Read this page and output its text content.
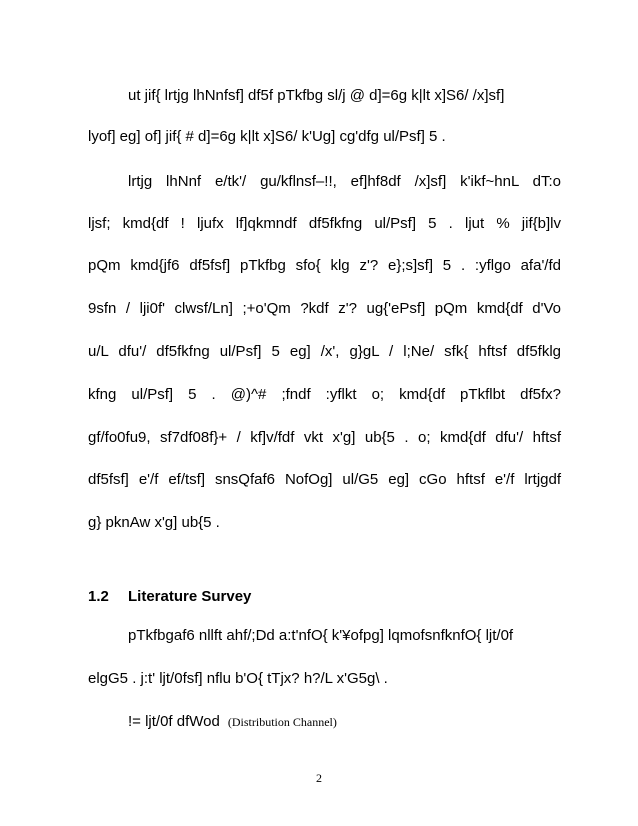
ut jif{ lrtjg lhNnfsf] df5f pTkfbg sl/j @ d]=6g k|lt x]S6/ /x]sf]
lyof] eg] of] jif{ # d]=6g k|lt x]S6/ k'Ug] cg'dfg ul/Psf] 5 .
lrtjg lhNnf e/tk'/ gu/kflnsf–!!, ef]hf8df /x]sf] k'ikf~hnL dT:o
ljsf; kmd{df ! ljufx lf]qkmndf df5fkfng ul/Psf] 5 . ljut % jif{b]lv
pQm kmd{jf6 df5fsf] pTkfbg sfo{ klg z'? e};s]sf] 5 . :yflgo afa'/fd
9sfn / lji0f' clwsf/Ln] ;+o'Qm ?kdf z'? ug{'ePsf] pQm kmd{df d'Vo
u/L dfu'/ df5fkfng ul/Psf] 5 eg] /x', g}gL / l;Ne/ sfk{ hftsf df5fklg
kfng ul/Psf] 5 . @)^# ;fndf :yflkt o; kmd{df pTkflbt df5fx?
gf/fo0fu9, sf7df08f}+ / kf]v/fdf vkt x'g] ub{5 . o; kmd{df dfu'/ hftsf
df5fsf] e'/f ef/tsf] snsQfaf6 NofOg] ul/G5 eg] cGo hftsf e'/f lrtjgdf
g} pknAw x'g] ub{5 .
1.2 Literature Survey
pTkfbgaf6 nllft ahf/;Dd a:t'nfO{ k'¥ofpg] lqmofsnfknfO{ ljt/0f
elgG5 . j:t' ljt/0fsf] nflu b'O{ tTjx? h?/L x'G5g\ .
!= ljt/0f dfWod (Distribution Channel)
2
